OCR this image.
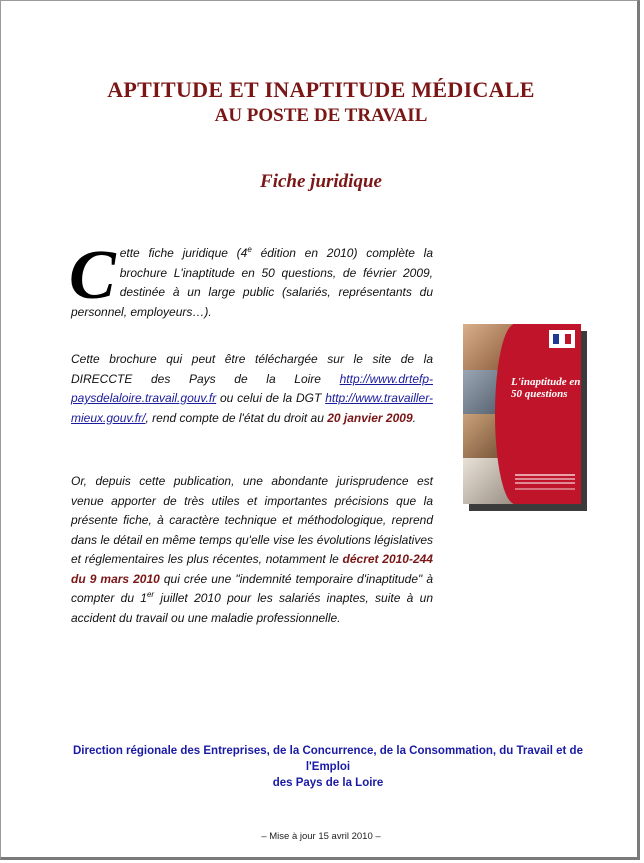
APTITUDE ET INAPTITUDE MÉDICALE
AU POSTE DE TRAVAIL
Fiche juridique

Cette fiche juridique (4e édition en 2010) complète la brochure L'inaptitude en 50 questions, de février 2009, destinée à un large public (salariés, représentants du personnel, employeurs…).

Cette brochure qui peut être téléchargée sur le site de la DIRECCTE des Pays de la Loire http://www.drtefp-paysdelaloire.travail.gouv.fr ou celui de la DGT http://www.travailler-mieux.gouv.fr/, rend compte de l'état du droit au 20 janvier 2009.

Or, depuis cette publication, une abondante jurisprudence est venue apporter de très utiles et importantes précisions que la présente fiche, à caractère technique et méthodologique, reprend dans le détail en même temps qu'elle vise les évolutions législatives et réglementaires les plus récentes, notamment le décret 2010-244 du 9 mars 2010 qui crée une "indemnité temporaire d'inaptitude" à compter du 1er juillet 2010 pour les salariés inaptes, suite à un accident du travail ou une maladie professionnelle.

L'inaptitude en 50 questions

Direction régionale des Entreprises, de la Concurrence, de la Consommation, du Travail et de l'Emploi
des Pays de la Loire

– Mise à jour 15 avril 2010 –
